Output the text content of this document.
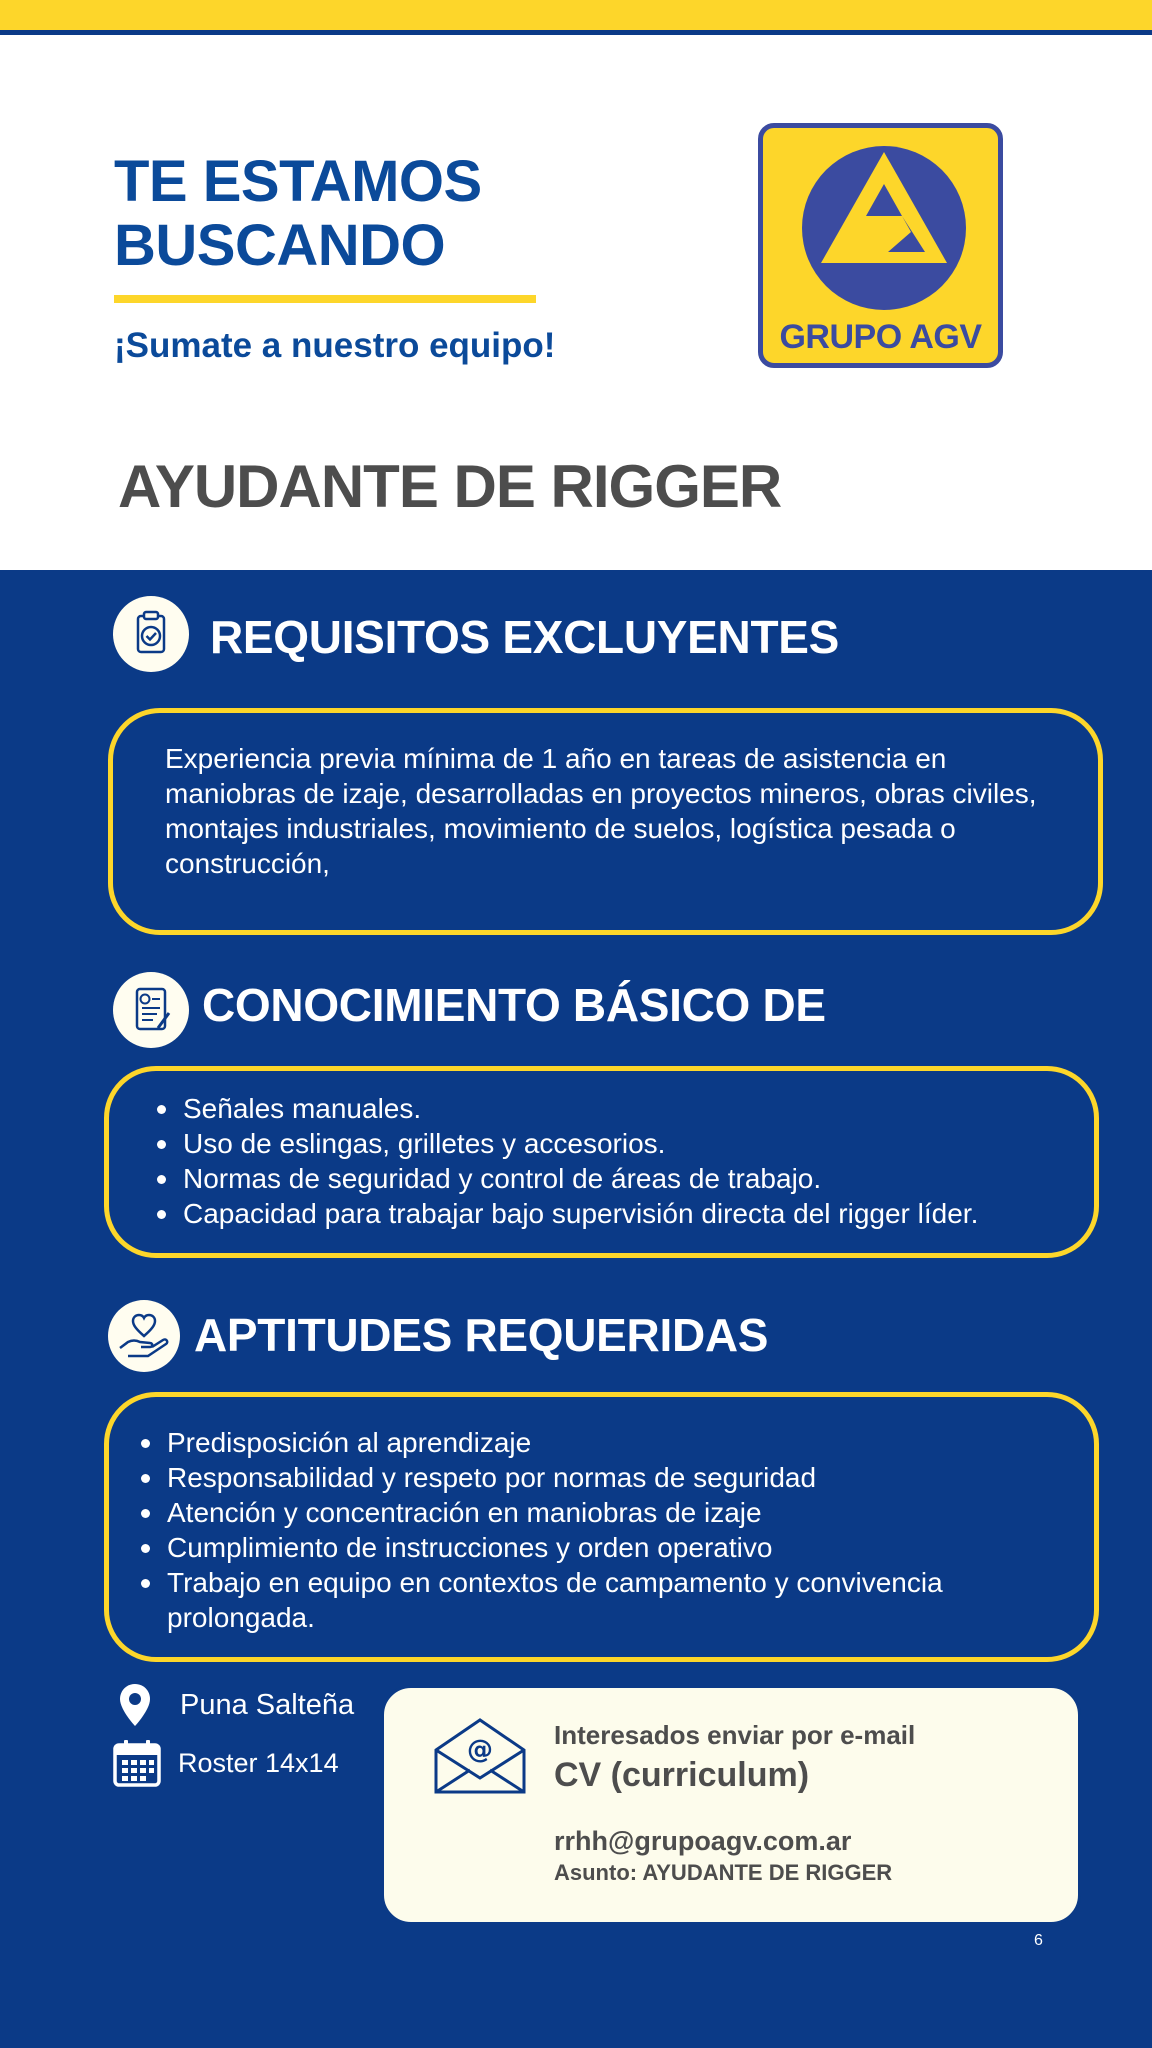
TE ESTAMOS
BUSCANDO
¡Sumate a nuestro equipo!	GRUPO AGV
AYUDANTE DE RIGGER
REQUISITOS EXCLUYENTES
Experiencia previa mínima de 1 año en tareas de asistencia en maniobras de izaje, desarrolladas en proyectos mineros, obras civiles, montajes industriales, movimiento de suelos, logística pesada o construcción,
CONOCIMIENTO BÁSICO DE
Señales manuales.
Uso de eslingas, grilletes y accesorios.
Normas de seguridad y control de áreas de trabajo.
Capacidad para trabajar bajo supervisión directa del rigger líder.
APTITUDES REQUERIDAS
Predisposición al aprendizaje
Responsabilidad y respeto por normas de seguridad
Atención y concentración en maniobras de izaje
Cumplimiento de instrucciones y orden operativo
Trabajo en equipo en contextos de campamento y convivencia prolongada.
Puna Salteña
Roster 14x14	@ Interesados enviar por e-mail
CV (curriculum)
rrhh@grupoagv.com.ar
Asunto: AYUDANTE DE RIGGER
6
